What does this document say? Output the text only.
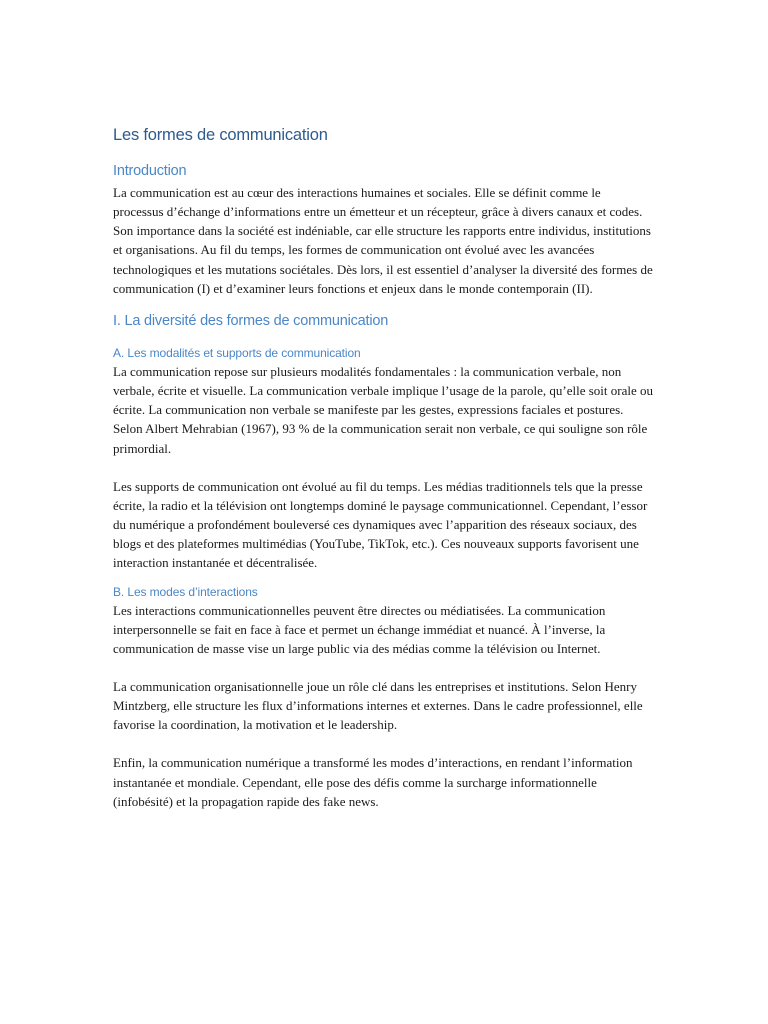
Les formes de communication
Introduction
La communication est au cœur des interactions humaines et sociales. Elle se définit comme le processus d’échange d’informations entre un émetteur et un récepteur, grâce à divers canaux et codes. Son importance dans la société est indéniable, car elle structure les rapports entre individus, institutions et organisations. Au fil du temps, les formes de communication ont évolué avec les avancées technologiques et les mutations sociétales. Dès lors, il est essentiel d’analyser la diversité des formes de communication (I) et d’examiner leurs fonctions et enjeux dans le monde contemporain (II).
I. La diversité des formes de communication
A. Les modalités et supports de communication
La communication repose sur plusieurs modalités fondamentales : la communication verbale, non verbale, écrite et visuelle. La communication verbale implique l’usage de la parole, qu’elle soit orale ou écrite. La communication non verbale se manifeste par les gestes, expressions faciales et postures. Selon Albert Mehrabian (1967), 93 % de la communication serait non verbale, ce qui souligne son rôle primordial.
Les supports de communication ont évolué au fil du temps. Les médias traditionnels tels que la presse écrite, la radio et la télévision ont longtemps dominé le paysage communicationnel. Cependant, l’essor du numérique a profondément bouleversé ces dynamiques avec l’apparition des réseaux sociaux, des blogs et des plateformes multimédias (YouTube, TikTok, etc.). Ces nouveaux supports favorisent une interaction instantanée et décentralisée.
B. Les modes d’interactions
Les interactions communicationnelles peuvent être directes ou médiatisées. La communication interpersonnelle se fait en face à face et permet un échange immédiat et nuancé. À l’inverse, la communication de masse vise un large public via des médias comme la télévision ou Internet.
La communication organisationnelle joue un rôle clé dans les entreprises et institutions. Selon Henry Mintzberg, elle structure les flux d’informations internes et externes. Dans le cadre professionnel, elle favorise la coordination, la motivation et le leadership.
Enfin, la communication numérique a transformé les modes d’interactions, en rendant l’information instantanée et mondiale. Cependant, elle pose des défis comme la surcharge informationnelle (infobésité) et la propagation rapide des fake news.
